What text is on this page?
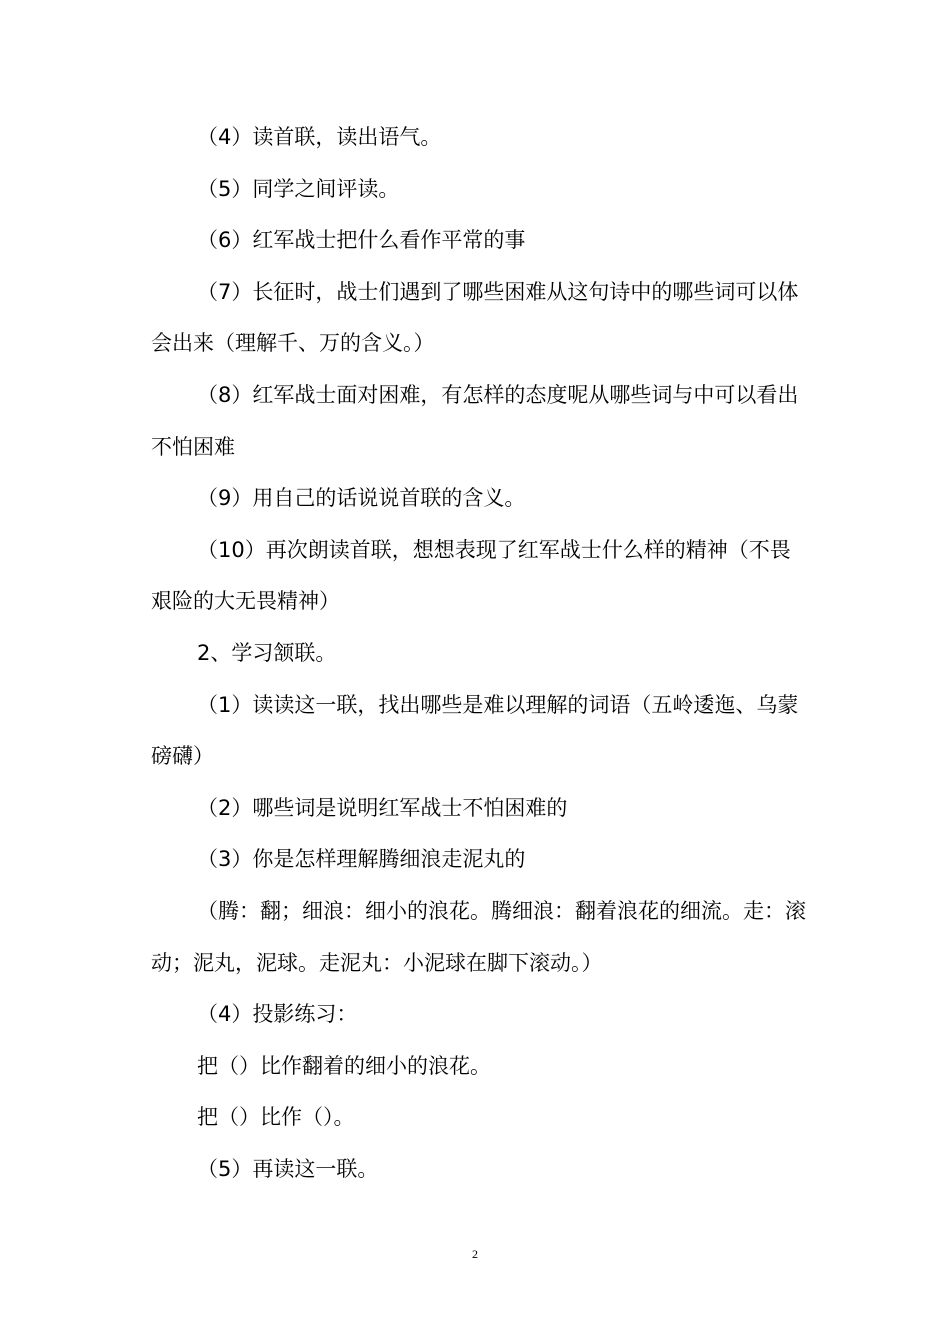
（4）读首联，读出语气。

（5）同学之间评读。

（6）红军战士把什么看作平常的事

（7）长征时，战士们遇到了哪些困难从这句诗中的哪些词可以体会出来（理解千、万的含义。）

（8）红军战士面对困难，有怎样的态度呢从哪些词与中可以看出不怕困难

（9）用自己的话说说首联的含义。

（10）再次朗读首联，想想表现了红军战士什么样的精神（不畏艰险的大无畏精神）

2、学习颔联。

（1）读读这一联，找出哪些是难以理解的词语（五岭逶迤、乌蒙磅礴）

（2）哪些词是说明红军战士不怕困难的

（3）你是怎样理解腾细浪走泥丸的

（腾：翻；细浪：细小的浪花。腾细浪：翻着浪花的细流。走：滚动；泥丸，泥球。走泥丸：小泥球在脚下滚动。）

（4）投影练习：

把（）比作翻着的细小的浪花。

把（）比作（）。

（5）再读这一联。

2
